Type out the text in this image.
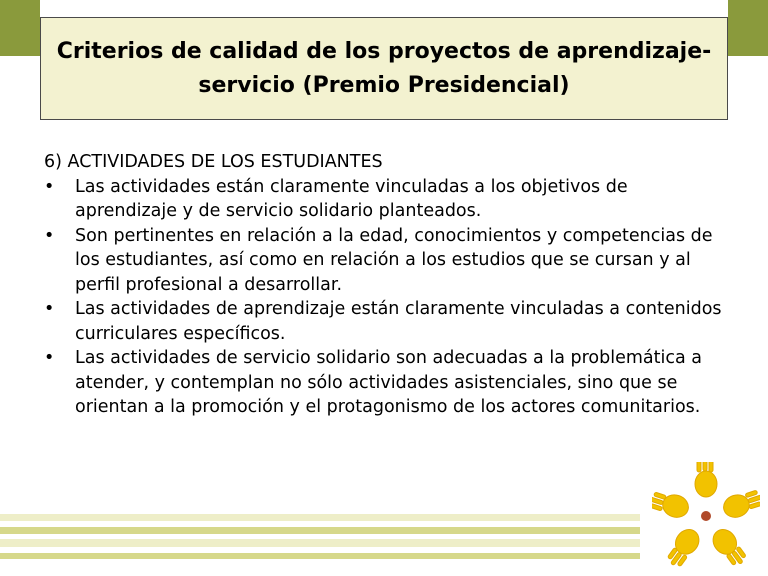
Criterios de calidad de los proyectos de aprendizaje-servicio (Premio Presidencial)

6) ACTIVIDADES DE LOS ESTUDIANTES

•	Las actividades están claramente vinculadas a los objetivos de aprendizaje y de servicio solidario planteados.
•	Son pertinentes en relación a la edad, conocimientos y competencias de los estudiantes, así como en relación a los estudios que se cursan y al perfil profesional a desarrollar.
•	Las actividades de aprendizaje están claramente vinculadas a contenidos curriculares específicos.
•	Las actividades de servicio solidario son adecuadas a la problemática a atender, y contemplan no sólo actividades asistenciales, sino que se orientan a la promoción y el protagonismo de los actores comunitarios.
